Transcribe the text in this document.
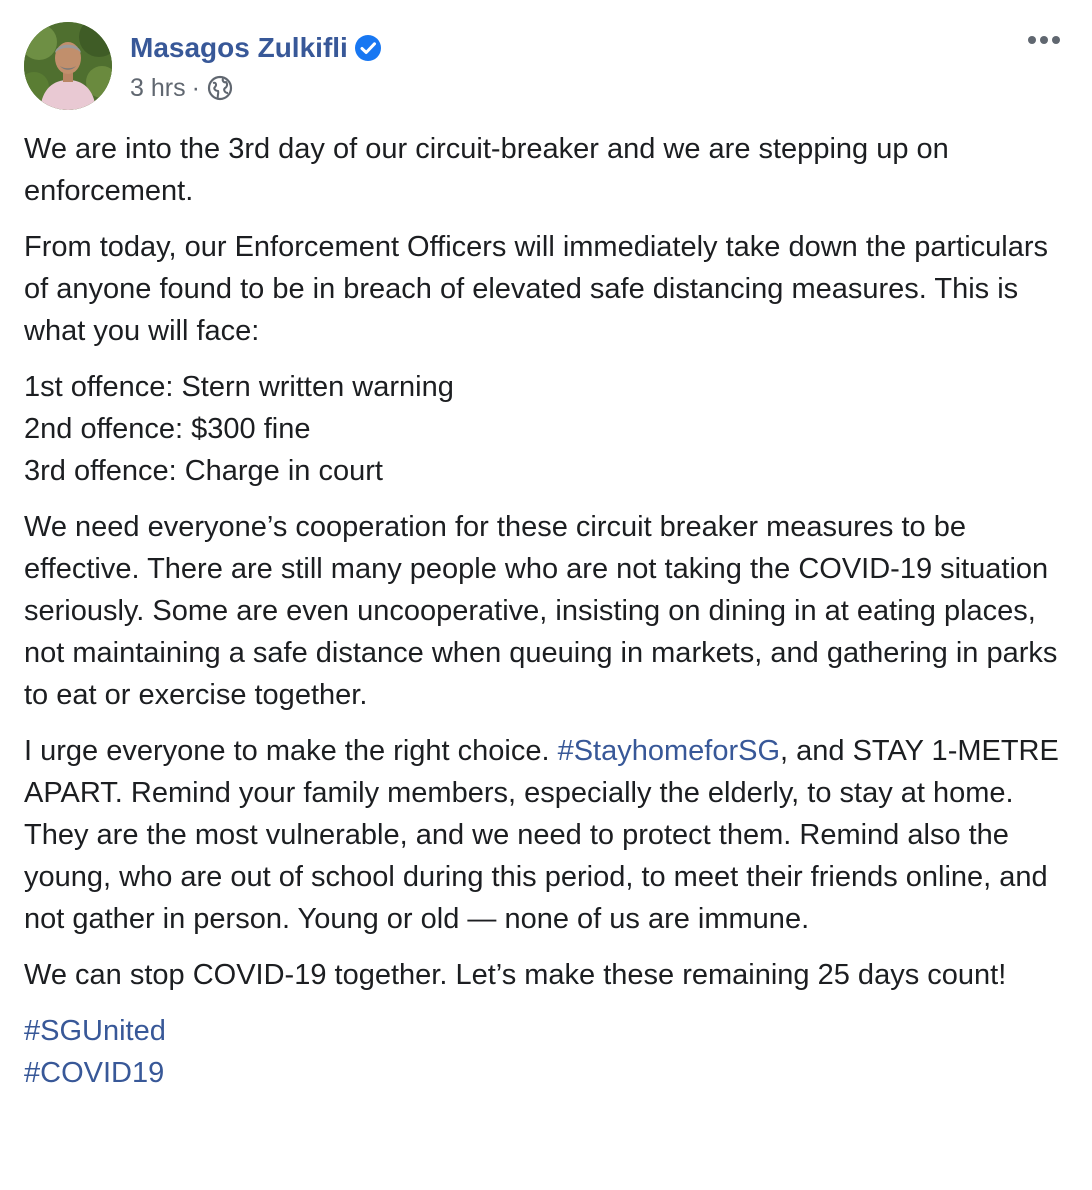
Masagos Zulkifli
3 hrs ·

We are into the 3rd day of our circuit-breaker and we are stepping up on enforcement.

From today, our Enforcement Officers will immediately take down the particulars of anyone found to be in breach of elevated safe distancing measures. This is what you will face:

1st offence: Stern written warning
2nd offence: $300 fine
3rd offence: Charge in court

We need everyone’s cooperation for these circuit breaker measures to be effective. There are still many people who are not taking the COVID-19 situation seriously. Some are even uncooperative, insisting on dining in at eating places, not maintaining a safe distance when queuing in markets, and gathering in parks to eat or exercise together.

I urge everyone to make the right choice. #StayhomeforSG, and STAY 1-METRE APART. Remind your family members, especially the elderly, to stay at home. They are the most vulnerable, and we need to protect them. Remind also the young, who are out of school during this period, to meet their friends online, and not gather in person. Young or old — none of us are immune.

We can stop COVID-19 together. Let’s make these remaining 25 days count!

#SGUnited

#COVID19
